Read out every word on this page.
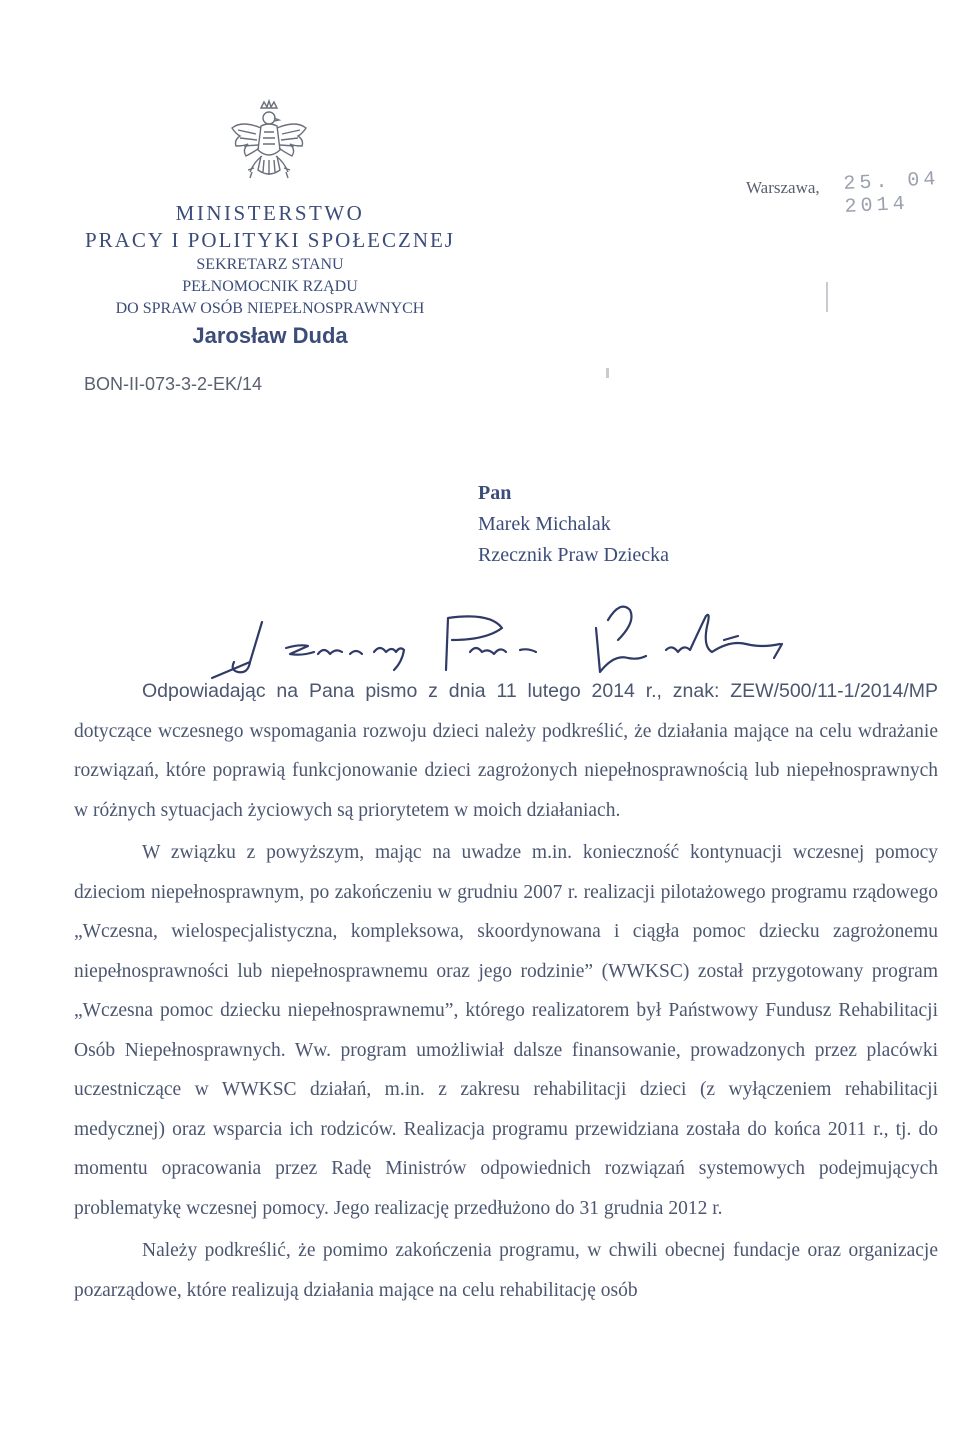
MINISTERSTWO
PRACY I POLITYKI SPOŁECZNEJ
SEKRETARZ STANU
PEŁNOMOCNIK RZĄDU
DO SPRAW OSÓB NIEPEŁNOSPRAWNYCH
Jarosław Duda
Warszawa, 25. 04 2014
BON-II-073-3-2-EK/14
Pan
Marek Michalak
Rzecznik Praw Dziecka

Odpowiadając na Pana pismo z dnia 11 lutego 2014 r., znak: ZEW/500/11-1/2014/MP dotyczące wczesnego wspomagania rozwoju dzieci należy podkreślić, że działania mające na celu wdrażanie rozwiązań, które poprawią funkcjonowanie dzieci zagrożonych niepełnosprawnością lub niepełnosprawnych w różnych sytuacjach życiowych są priorytetem w moich działaniach.

W związku z powyższym, mając na uwadze m.in. konieczność kontynuacji wczesnej pomocy dzieciom niepełnosprawnym, po zakończeniu w grudniu 2007 r. realizacji pilotażowego programu rządowego „Wczesna, wielospecjalistyczna, kompleksowa, skoordynowana i ciągła pomoc dziecku zagrożonemu niepełnosprawności lub niepełnosprawnemu oraz jego rodzinie” (WWKSC) został przygotowany program „Wczesna pomoc dziecku niepełnosprawnemu”, którego realizatorem był Państwowy Fundusz Rehabilitacji Osób Niepełnosprawnych. Ww. program umożliwiał dalsze finansowanie, prowadzonych przez placówki uczestniczące w WWKSC działań, m.in. z zakresu rehabilitacji dzieci (z wyłączeniem rehabilitacji medycznej) oraz wsparcia ich rodziców. Realizacja programu przewidziana została do końca 2011 r., tj. do momentu opracowania przez Radę Ministrów odpowiednich rozwiązań systemowych podejmujących problematykę wczesnej pomocy. Jego realizację przedłużono do 31 grudnia 2012 r.

Należy podkreślić, że pomimo zakończenia programu, w chwili obecnej fundacje oraz organizacje pozarządowe, które realizują działania mające na celu rehabilitację osób
